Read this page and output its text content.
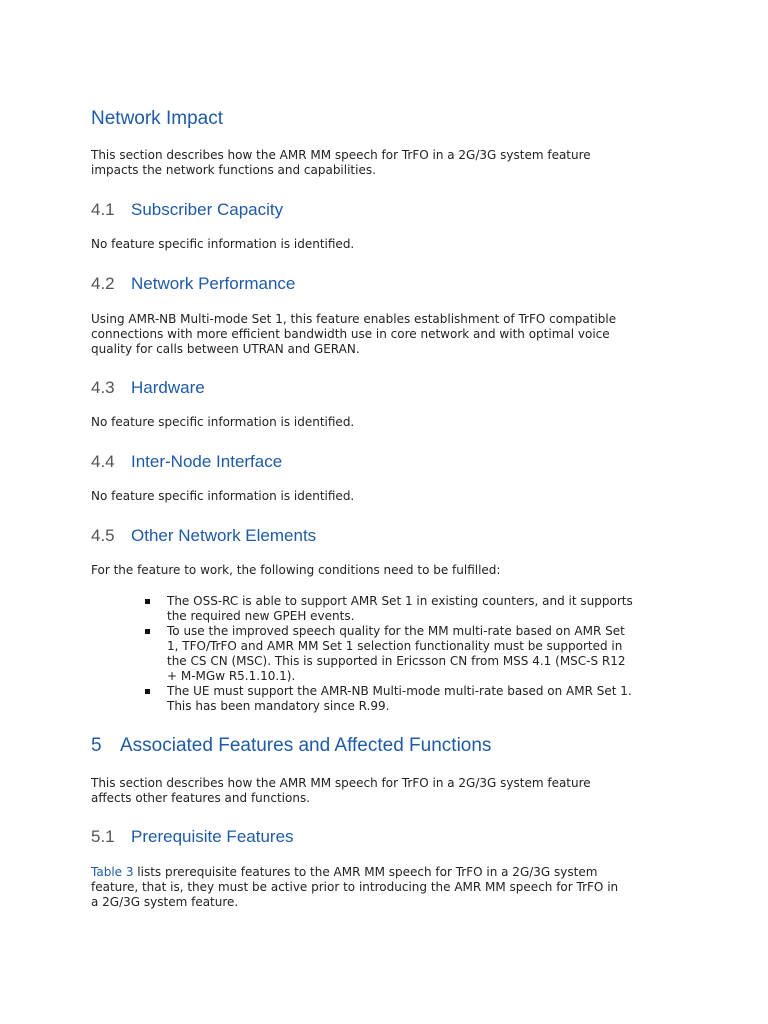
Network Impact

This section describes how the AMR MM speech for TrFO in a 2G/3G system feature
impacts the network functions and capabilities.

4.1 Subscriber Capacity

No feature specific information is identified.

4.2 Network Performance

Using AMR-NB Multi-mode Set 1, this feature enables establishment of TrFO compatible
connections with more efficient bandwidth use in core network and with optimal voice
quality for calls between UTRAN and GERAN.

4.3 Hardware

No feature specific information is identified.

4.4 Inter-Node Interface

No feature specific information is identified.

4.5 Other Network Elements

For the feature to work, the following conditions need to be fulfilled:

The OSS-RC is able to support AMR Set 1 in existing counters, and it supports
the required new GPEH events.
To use the improved speech quality for the MM multi-rate based on AMR Set
1, TFO/TrFO and AMR MM Set 1 selection functionality must be supported in
the CS CN (MSC). This is supported in Ericsson CN from MSS 4.1 (MSC-S R12
+ M-MGw R5.1.10.1).
The UE must support the AMR-NB Multi-mode multi-rate based on AMR Set 1.
This has been mandatory since R.99.
5 Associated Features and Affected Functions

This section describes how the AMR MM speech for TrFO in a 2G/3G system feature
affects other features and functions.

5.1 Prerequisite Features

Table 3 lists prerequisite features to the AMR MM speech for TrFO in a 2G/3G system
feature, that is, they must be active prior to introducing the AMR MM speech for TrFO in
a 2G/3G system feature.
